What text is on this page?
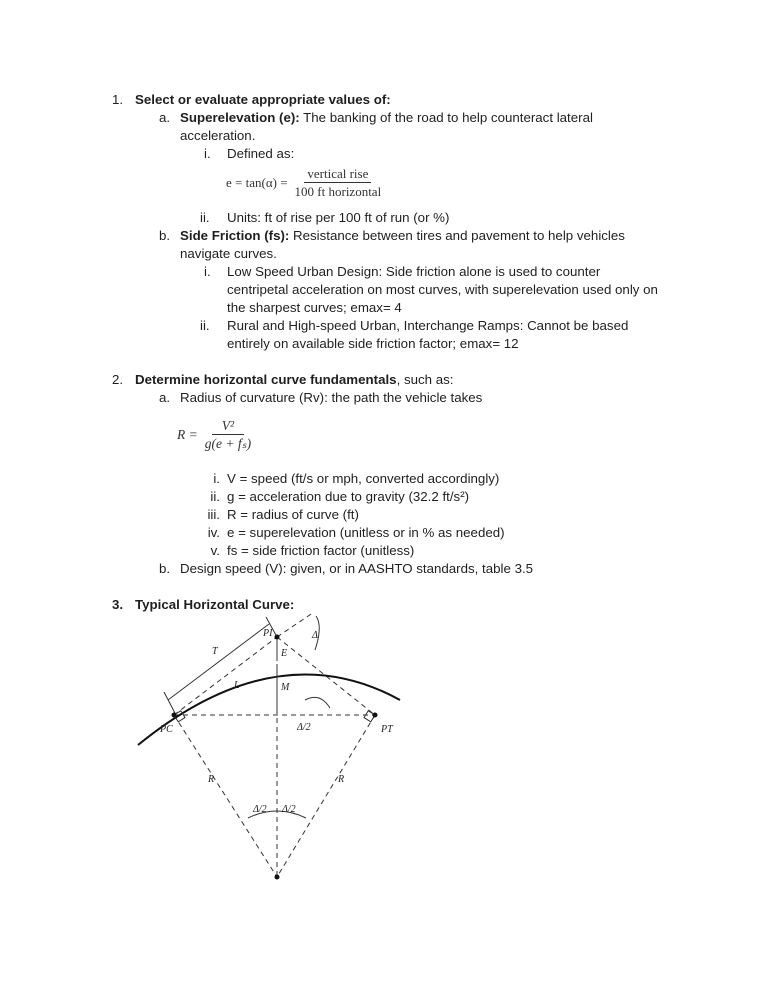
1. Select or evaluate appropriate values of:
a. Superelevation (e): The banking of the road to help counteract lateral
acceleration.
i. Defined as:
$e = \tan(\alpha) = \frac{\text{vertical rise}}{\text{100 ft horizontal}}$
ii. Units: ft of rise per 100 ft of run (or %)
b. Side Friction (fs): Resistance between tires and pavement to help vehicles
navigate curves.
i. Low Speed Urban Design: Side friction alone is used to counter
centripetal acceleration on most curves, with superelevation used only on
the sharpest curves; emax= 4
ii. Rural and High-speed Urban, Interchange Ramps: Cannot be based
entirely on available side friction factor; emax= 12
2. Determine horizontal curve fundamentals, such as:
a. Radius of curvature (Rv): the path the vehicle takes
$R = \frac{\text{V²}}{\text{g(e + fₛ)}}$
i. V = speed (ft/s or mph, converted accordingly)
ii. g = acceleration due to gravity (32.2 ft/s²)
iii. R = radius of curve (ft)
iv. e = superelevation (unitless or in % as needed)
v. fs = side friction factor (unitless)
b. Design speed (V): given, or in AASHTO standards, table 3.5
3. Typical Horizontal Curve:
PI
PC	PT
T	E
M
L
Δ
Δ/2
R	R
Δ/2 Δ/2
